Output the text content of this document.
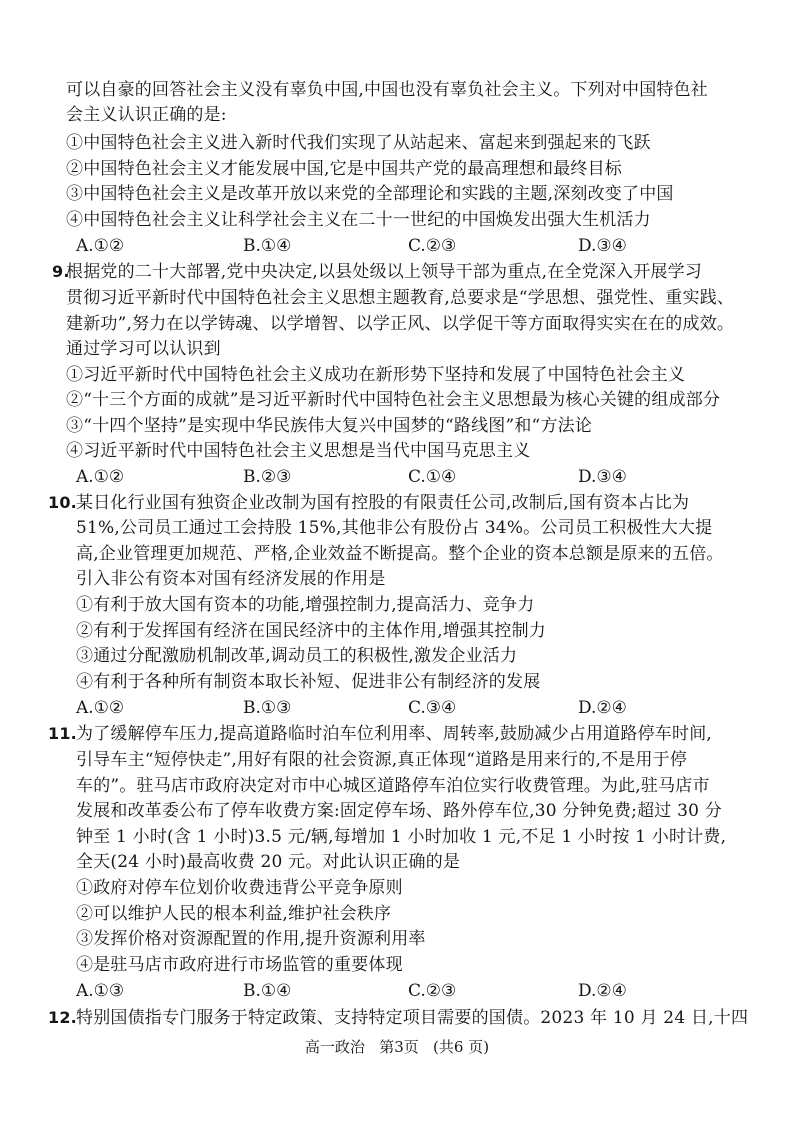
可以自豪的回答社会主义没有辜负中国,中国也没有辜负社会主义。下列对中国特色社
会主义认识正确的是:
①中国特色社会主义进入新时代我们实现了从站起来、富起来到强起来的飞跃
②中国特色社会主义才能发展中国,它是中国共产党的最高理想和最终目标
③中国特色社会主义是改革开放以来党的全部理论和实践的主题,深刻改变了中国
④中国特色社会主义让科学社会主义在二十一世纪的中国焕发出强大生机活力
A.①②	B.①④	C.②③	D.③④
9.
根据党的二十大部署,党中央决定,以县处级以上领导干部为重点,在全党深入开展学习
贯彻习近平新时代中国特色社会主义思想主题教育,总要求是“学思想、强党性、重实践、
建新功”,努力在以学铸魂、以学增智、以学正风、以学促干等方面取得实实在在的成效。
通过学习可以认识到
①习近平新时代中国特色社会主义成功在新形势下坚持和发展了中国特色社会主义
②“十三个方面的成就”是习近平新时代中国特色社会主义思想最为核心关键的组成部分
③“十四个坚持”是实现中华民族伟大复兴中国梦的“路线图”和“方法论
④习近平新时代中国特色社会主义思想是当代中国马克思主义
A.①②	B.②③	C.①④	D.③④
10. 某日化行业国有独资企业改制为国有控股的有限责任公司,改制后,国有资本占比为
51%,公司员工通过工会持股 15%,其他非公有股份占 34%。公司员工积极性大大提
高,企业管理更加规范、严格,企业效益不断提高。整个企业的资本总额是原来的五倍。
引入非公有资本对国有经济发展的作用是
①有利于放大国有资本的功能,增强控制力,提高活力、竞争力
②有利于发挥国有经济在国民经济中的主体作用,增强其控制力
③通过分配激励机制改革,调动员工的积极性,激发企业活力
④有利于各种所有制资本取长补短、促进非公有制经济的发展
A.①②	B.①③	C.③④	D.②④
11. 为了缓解停车压力,提高道路临时泊车位利用率、周转率,鼓励减少占用道路停车时间,
引导车主“短停快走”,用好有限的社会资源,真正体现“道路是用来行的,不是用于停
车的”。驻马店市政府决定对市中心城区道路停车泊位实行收费管理。为此,驻马店市
发展和改革委公布了停车收费方案:固定停车场、路外停车位,30 分钟免费;超过 30 分
钟至 1 小时(含 1 小时)3.5 元/辆,每增加 1 小时加收 1 元,不足 1 小时按 1 小时计费,
全天(24 小时)最高收费 20 元。对此认识正确的是
①政府对停车位划价收费违背公平竞争原则
②可以维护人民的根本利益,维护社会秩序
③发挥价格对资源配置的作用,提升资源利用率
④是驻马店市政府进行市场监管的重要体现
A.①③	B.①④	C.②③	D.②④
12. 特别国债指专门服务于特定政策、支持特定项目需要的国债。2023 年 10 月 24 日,十四
高一政治   第3页   (共6 页)
